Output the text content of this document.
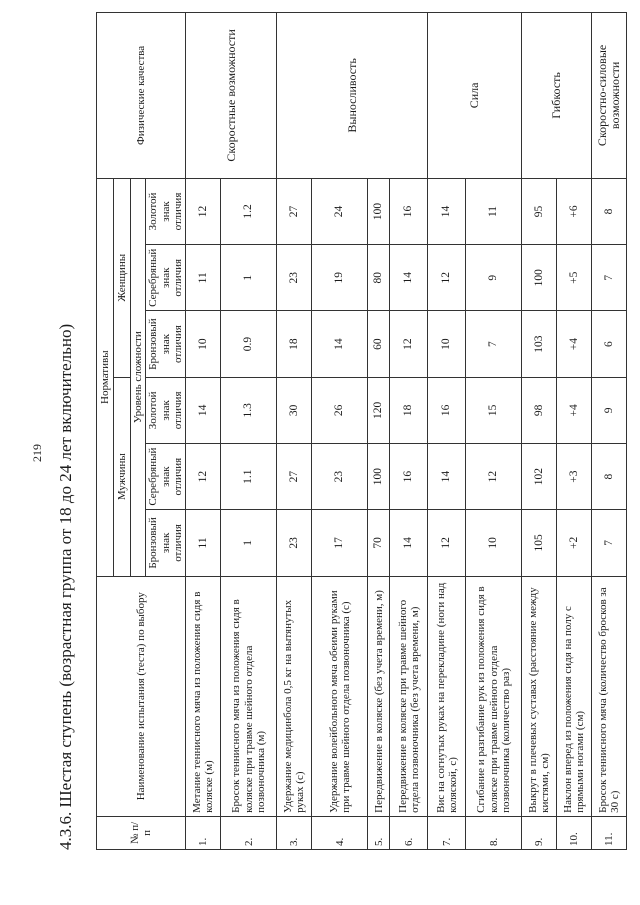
219 4.3.6. Шестая ступень (возрастная группа от 18 до 24 лет включительно)	№ п/п	Наименование испытания (теста) по выбору	Нормативы						Физические качества
		Мужчины			Женщины			
		Уровень сложности						
		Бронзовый знак отличия	Серебряный знак отличия	Золотой знак отличия	Бронзовый знак отличия	Серебряный знак отличия	Золотой знак отличия	
1.	Метание теннисного мяча из положения сидя в коляске (м)	11	12	14	10	11	12	Скоростные возможности
2.	Бросок теннисного мяча из положения сидя в коляске при травме шейного отдела позвоночника (м)	1	1.1	1.3	0.9	1	1.2	
3.	Удержание медицинбола 0,5 кг на вытянутых руках (с)	23	27	30	18	23	27	Выносливость
4.	Удержание волейбольного мяча обеими руками при травме шейного отдела позвоночника (с)	17	23	26	14	19	24	
5.	Передвижение в коляске (без учета времени, м)	70	100	120	60	80	100	
6.	Передвижение в коляске при травме шейного отдела позвоночника (без учета времени, м)	14	16	18	12	14	16	
7.	Вис на согнутых руках на перекладине (ноги над коляской, с)	12	14	16	10	12	14	Сила
8.	Сгибание и разгибание рук из положения сидя в коляске при травме шейного отдела позвоночника (количество раз)	10	12	15	7	9	11	
9.	Выкрут в плечевых суставах (расстояние между кистями, см)	105	102	98	103	100	95	Гибкость
10.	Наклон вперед из положения сидя на полу с прямыми ногами (см)	+2	+3	+4	+4	+5	+6	
11.	Бросок теннисного мяча (количество бросков за 30 с)	7	8	9	6	7	8	Скоростно-силовые возможности
